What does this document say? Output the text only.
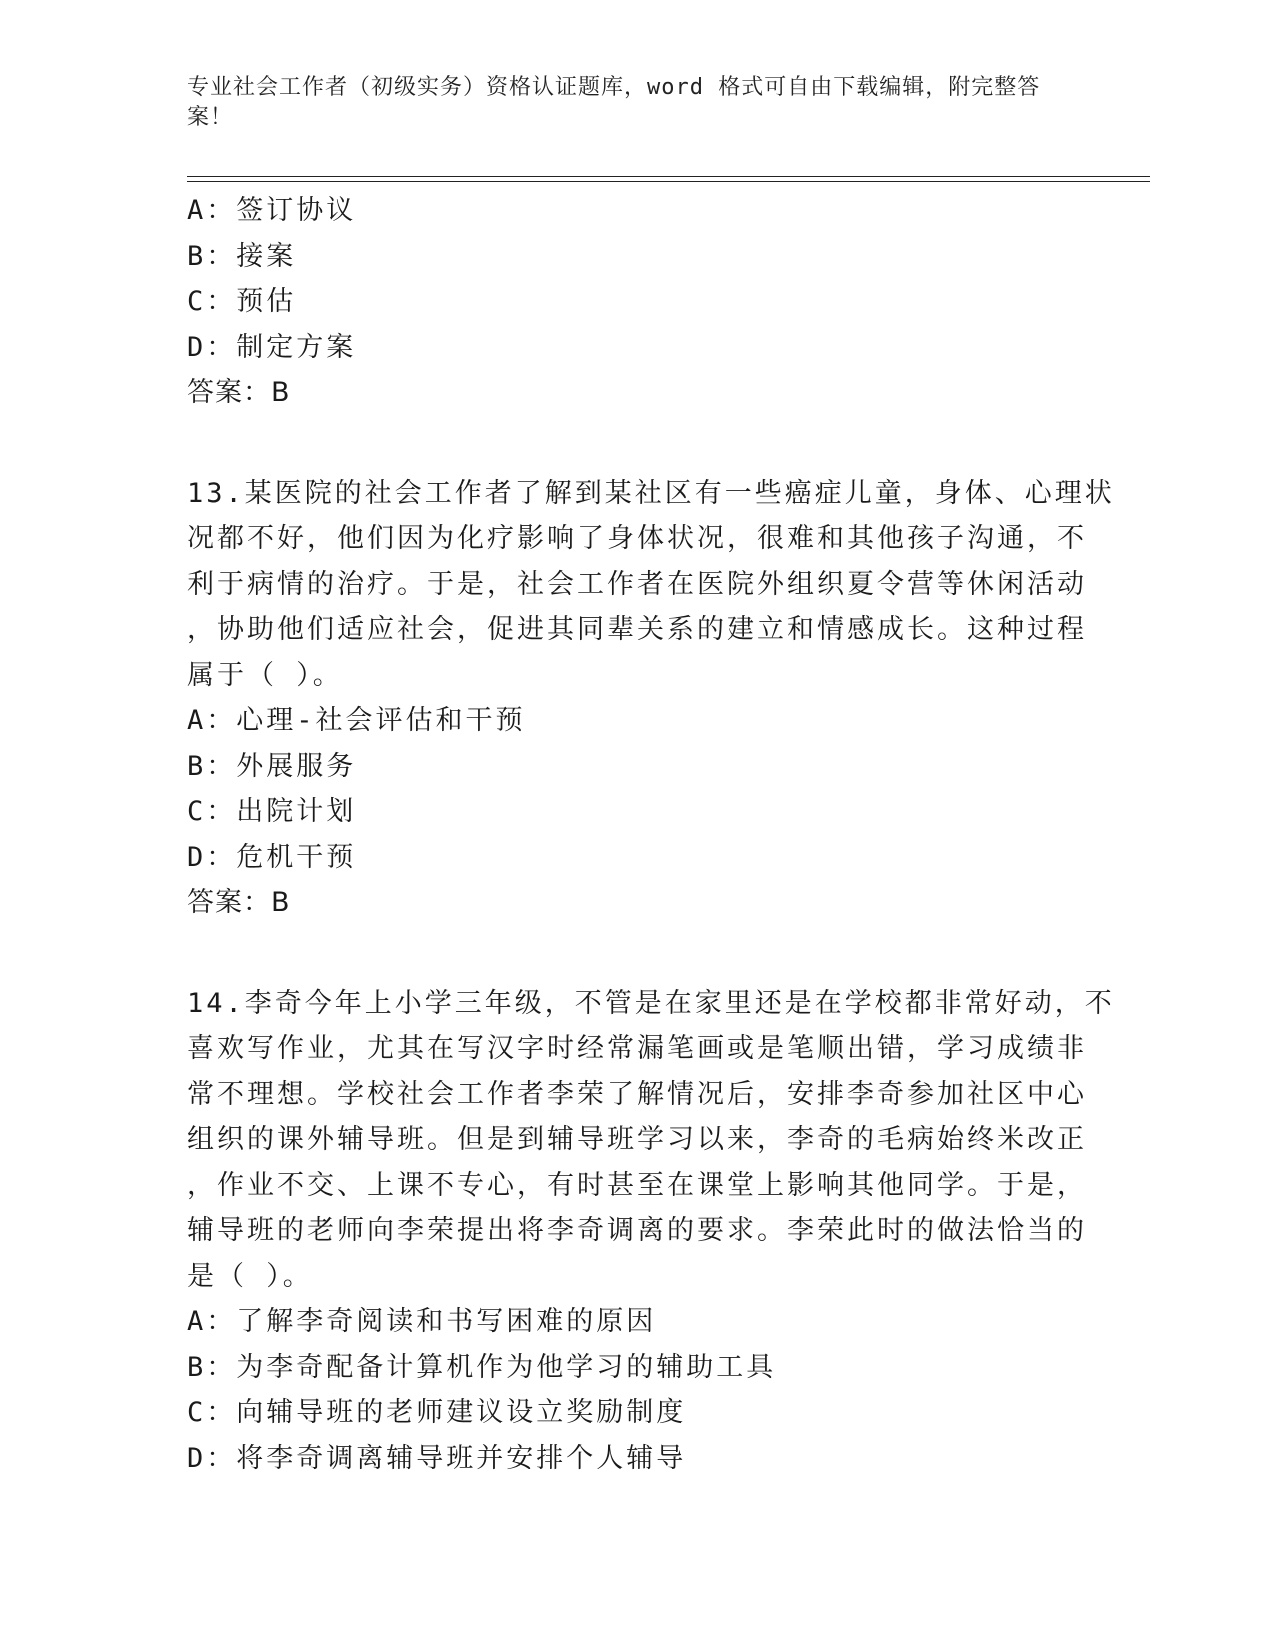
专业社会工作者（初级实务）资格认证题库，word 格式可自由下载编辑，附完整答案！
A：签订协议
B：接案
C：预估
D：制定方案
答案：B
13.某医院的社会工作者了解到某社区有一些癌症儿童，身体、心理状
况都不好，他们因为化疗影响了身体状况，很难和其他孩子沟通，不
利于病情的治疗。于是，社会工作者在医院外组织夏令营等休闲活动
，协助他们适应社会，促进其同辈关系的建立和情感成长。这种过程
属于（ ）。
A：心理-社会评估和干预
B：外展服务
C：出院计划
D：危机干预
答案：B
14.李奇今年上小学三年级，不管是在家里还是在学校都非常好动，不
喜欢写作业，尤其在写汉字时经常漏笔画或是笔顺出错，学习成绩非
常不理想。学校社会工作者李荣了解情况后，安排李奇参加社区中心
组织的课外辅导班。但是到辅导班学习以来，李奇的毛病始终米改正
，作业不交、上课不专心，有时甚至在课堂上影响其他同学。于是，
辅导班的老师向李荣提出将李奇调离的要求。李荣此时的做法恰当的
是（ ）。
A：了解李奇阅读和书写困难的原因
B：为李奇配备计算机作为他学习的辅助工具
C：向辅导班的老师建议设立奖励制度
D：将李奇调离辅导班并安排个人辅导
